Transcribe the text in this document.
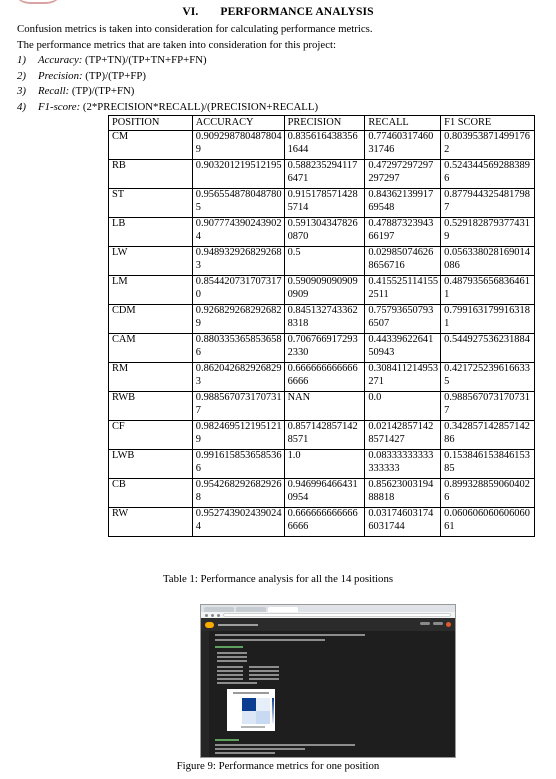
VI. PERFORMANCE ANALYSIS

Confusion metrics is taken into consideration for calculating performance metrics.

The performance metrics that are taken into consideration for this project:

1) Accuracy: (TP+TN)/(TP+TN+FP+FN)
2) Precision: (TP)/(TP+FP)
3) Recall: (TP)/(TP+FN)
4) F1-score: (2*PRECISION*RECALL)/(PRECISION+RECALL)
POSITION	ACCURACY	PRECISION	RECALL	F1 SCORE
CM	0.9092987804878049	0.8356164383561644	0.7746031746031746	0.8039538714991762
RB	0.903201219512195	0.5882352941176471	0.47297297297297297	0.5243445692883896
ST	0.9565548780487805	0.9151785714285714	0.8436213991769548	0.8779443254817987
LB	0.9077743902439024	0.5913043478260870	0.4788732394366197	0.5291828793774319
LW	0.9489329268292683	0.5	0.029850746268656716	0.056338028169014086
LM	0.8544207317073170	0.5909090909090909	0.4155251141552511	0.4879356568364611
CDM	0.9268292682926829	0.8451327433628318	0.757936507936507	0.7991631799163181
CAM	0.8803353658536586	0.7067669172932330	0.4433962264150943	0.544927536231884
RM	0.8620426829268293	0.6666666666666666	0.308411214953271	0.4217252396166335
RWB	0.9885670731707317	NAN	0.0	0.9885670731707317
CF	0.9824695121951219	0.8571428571428571	0.021428571428571427	0.34285714285714286
LWB	0.9916158536585366	1.0	0.08333333333333333	0.15384615384615385
CB	0.9542682926829268	0.9469964664310954	0.8562300319488818	0.8993288590604026
RW	0.9527439024390244	0.6666666666666666	0.031746031746031744	0.06060606060606061
Table 1: Performance analysis for all the 14 positions
Figure 9: Performance metrics for one position
